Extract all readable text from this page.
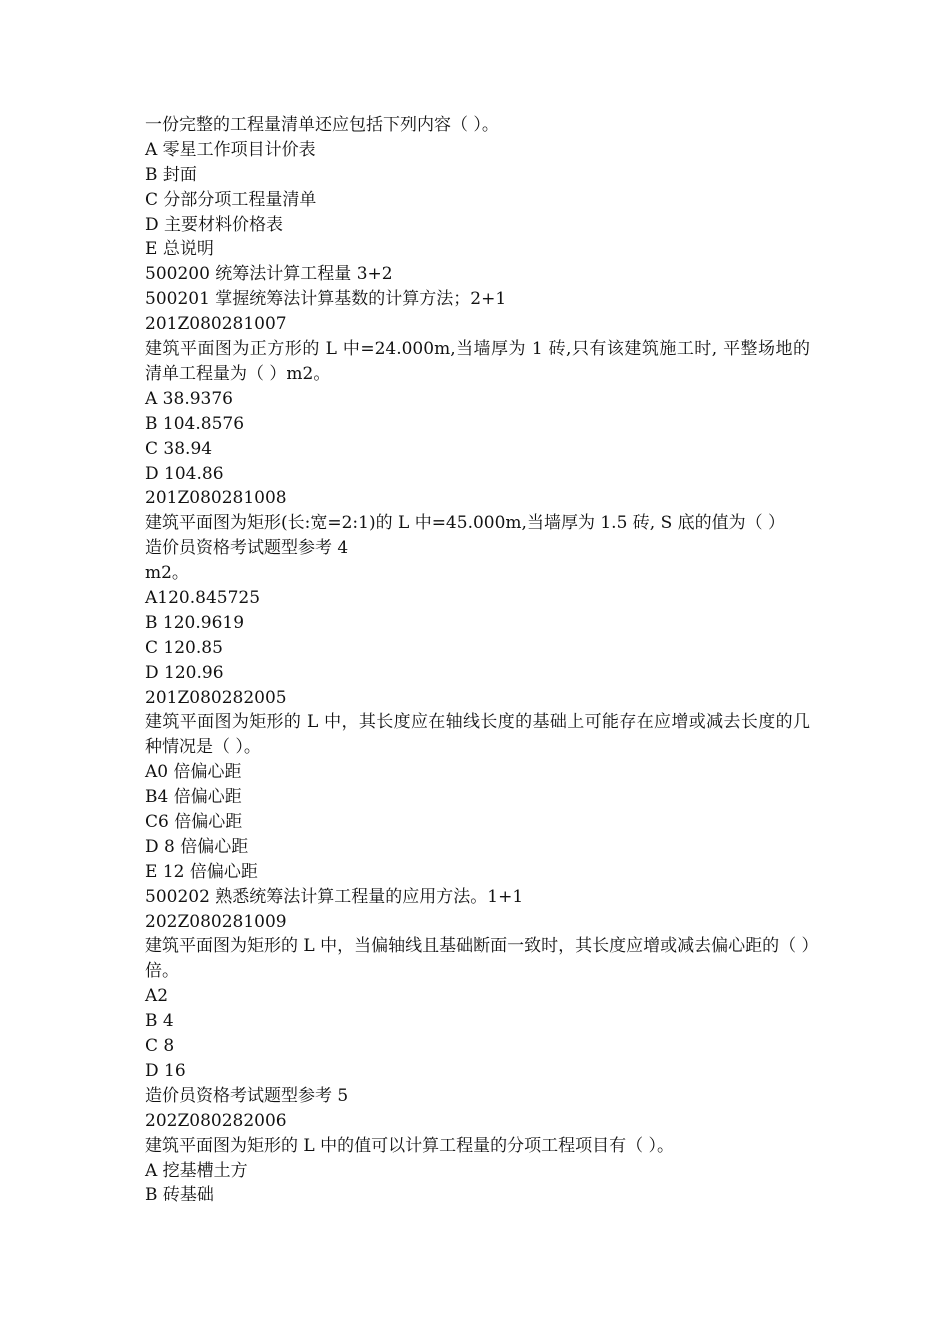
一份完整的工程量清单还应包括下列内容（ ）。
A 零星工作项目计价表
B 封面
C 分部分项工程量清单
D 主要材料价格表
E 总说明
500200 统筹法计算工程量 3+2
500201 掌握统筹法计算基数的计算方法；2+1
201Z080281007
建筑平面图为正方形的 L 中=24.000m,当墙厚为 1 砖,只有该建筑施工时, 平整场地的清单工程量为（ ）m2。
A 38.9376
B 104.8576
C 38.94
D 104.86
201Z080281008
建筑平面图为矩形(长:宽=2:1)的 L 中=45.000m,当墙厚为 1.5 砖, S 底的值为（ ）
造价员资格考试题型参考 4
m2。
A120.845725
B 120.9619
C 120.85
D 120.96
201Z080282005
建筑平面图为矩形的 L 中，其长度应在轴线长度的基础上可能存在应增或减去长度的几种情况是（ ）。
A0 倍偏心距
B4 倍偏心距
C6 倍偏心距
D 8 倍偏心距
E 12 倍偏心距
500202 熟悉统筹法计算工程量的应用方法。1+1
202Z080281009
建筑平面图为矩形的 L 中，当偏轴线且基础断面一致时，其长度应增或减去偏心距的（ ）倍。
A2
B 4
C 8
D 16
造价员资格考试题型参考 5
202Z080282006
建筑平面图为矩形的 L 中的值可以计算工程量的分项工程项目有（ ）。
A 挖基槽土方
B 砖基础
